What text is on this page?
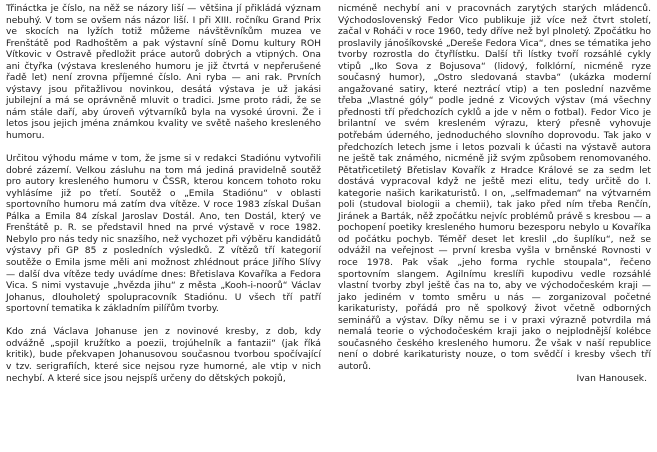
Třináctka je číslo, na něž se názory liší — většina jí přikládá význam nebuhý. V tom se ovšem nás názor liší. I při XIII. ročníku Grand Prix ve skocích na lyžích totiž můžeme návštěvníkům muzea ve Frenštátě pod Radhoštěm a pak výstavní síně Domu kultury ROH Vítkovic v Ostravě předložit práce autorů dobrých a vtipných. Ona ani čtyřka (výstava kresleného humoru je již čtvrtá v nepřerušené řadě let) není zrovna příjemné číslo. Ani ryba — ani rak. Prvních výstavy jsou přitažlivou novinkou, desátá výstava je už jakási jubilejní a má se oprávněně mluvit o tradici. Jsme proto rádi, že se nám stále daří, aby úroveň výtvarníků byla na vysoké úrovni. Že i letos jsou jejich jména známkou kvality ve světě našeho kresleného humoru.

Určitou výhodu máme v tom, že jsme si v redakci Stadiónu vytvořili dobré zázemí. Velkou zásluhu na tom má jediná pravidelně soutěž pro autory kresleného humoru v ČSSR, kterou koncem tohoto roku vyhlásíme již po třetí. Soutěž o „Emila Stadiónu“ v oblasti sportovního humoru má zatím dva vítěze. V roce 1983 získal Dušan Pálka a Emila 84 získal Jaroslav Dostál. Ano, ten Dostál, který ve Frenštátě p. R. se představil hned na prvé výstavě v roce 1982. Nebylo pro nás tedy nic snazšího, než vychozet při výběru kandidátů výstavy při GP 85 z posledních výsledků. Z vítězů tří kategorií soutěže o Emila jsme měli ani možnost zhlédnout práce Jiřího Slívy — další dva vítěze tedy uvádíme dnes: Břetislava Kovaříka a Fedora Vica. S nimi vystavuje „hvězda jihu“ z města „Kooh-i-noorů“ Václav Johanus, dlouholetý spolupracovník Stadiónu. U všech tří patří sportovní tematika k základním pilířům tvorby.

Kdo zná Václava Johanuse jen z novinové kresby, z dob, kdy odvážně „spojil kružítko a poezii, trojúhelník a fantazii“ (jak říká kritik), bude překvapen Johanusovou současnou tvorbou spočívající v tzv. serigrafiích, které sice nejsou ryze humorné, ale vtip v nich nechybí. A které sice jsou nejspíš určeny do dětských pokojů,

nicméně nechybí ani v pracovnách zarytých starých mládenců. Východoslovenský Fedor Vico publikuje již více než čtvrt století, začal v Roháči v roce 1960, tedy dříve než byl plnoletý. Zpočátku ho proslavily jánošíkovské „Dereše Fedora Vica“, dnes se tématika jeho tvorby rozrostla do čtyřlístku. Další tři lístky tvoří rozsáhlé cykly vtipů „Iko Sova z Bojusova“ (lidový, folklórní, nicméně ryze současný humor), „Ostro sledovaná stavba“ (ukázka moderní angažované satiry, které neztrácí vtip) a ten poslední nazvěme třeba „Vlastné góly“ podle jedné z Vicových výstav (má všechny přednosti tří předchozích cyklů a jde v něm o fotbal). Fedor Vico je brilantní ve svém kresleném výrazu, který přesně vyhovuje potřebám úderného, jednoduchého slovního doprovodu. Tak jako v předchozích letech jsme i letos pozvali k účasti na výstavě autora ne ještě tak známého, nicméně již svým způsobem renomovaného. Pětatřicetiletý Břetislav Kovařík z Hradce Králové se za sedm let dostává vypracoval když ne ještě mezi elitu, tedy určitě do I. kategorie našich karikaturistů. I on, „selfmademan“ na výtvarném poli (studoval biologii a chemii), tak jako před ním třeba Renčín, Jiránek a Barták, něž zpočátku nejvíc problémů právě s kresbou — a pochopení poetiky kresleného humoru bezesporu nebylo u Kovaříka od počátku pochyb. Téměř deset let kreslil „do šuplíku“, než se odvážil na veřejnost — první kresba vyšla v brněnské Rovnosti v roce 1978. Pak však „jeho forma rychle stoupala“, řečeno sportovním slangem. Agilnímu kreslíři kupodivu vedle rozsáhlé vlastní tvorby zbyl ještě čas na to, aby ve východočeském kraji — jako jediném v tomto směru u nás — zorganizoval početné karikaturisty, pořádá pro ně spolkový život včetně odborných seminářů a výstav. Díky němu se i v praxi výrazně potvrdila má nemalá teorie o východočeském kraji jako o nejplodnější kolébce současného českého kresleného humoru. Že však v naší republice není o dobré karikaturisty nouze, o tom svědčí i kresby všech tří autorů.

Ivan Hanousek.
